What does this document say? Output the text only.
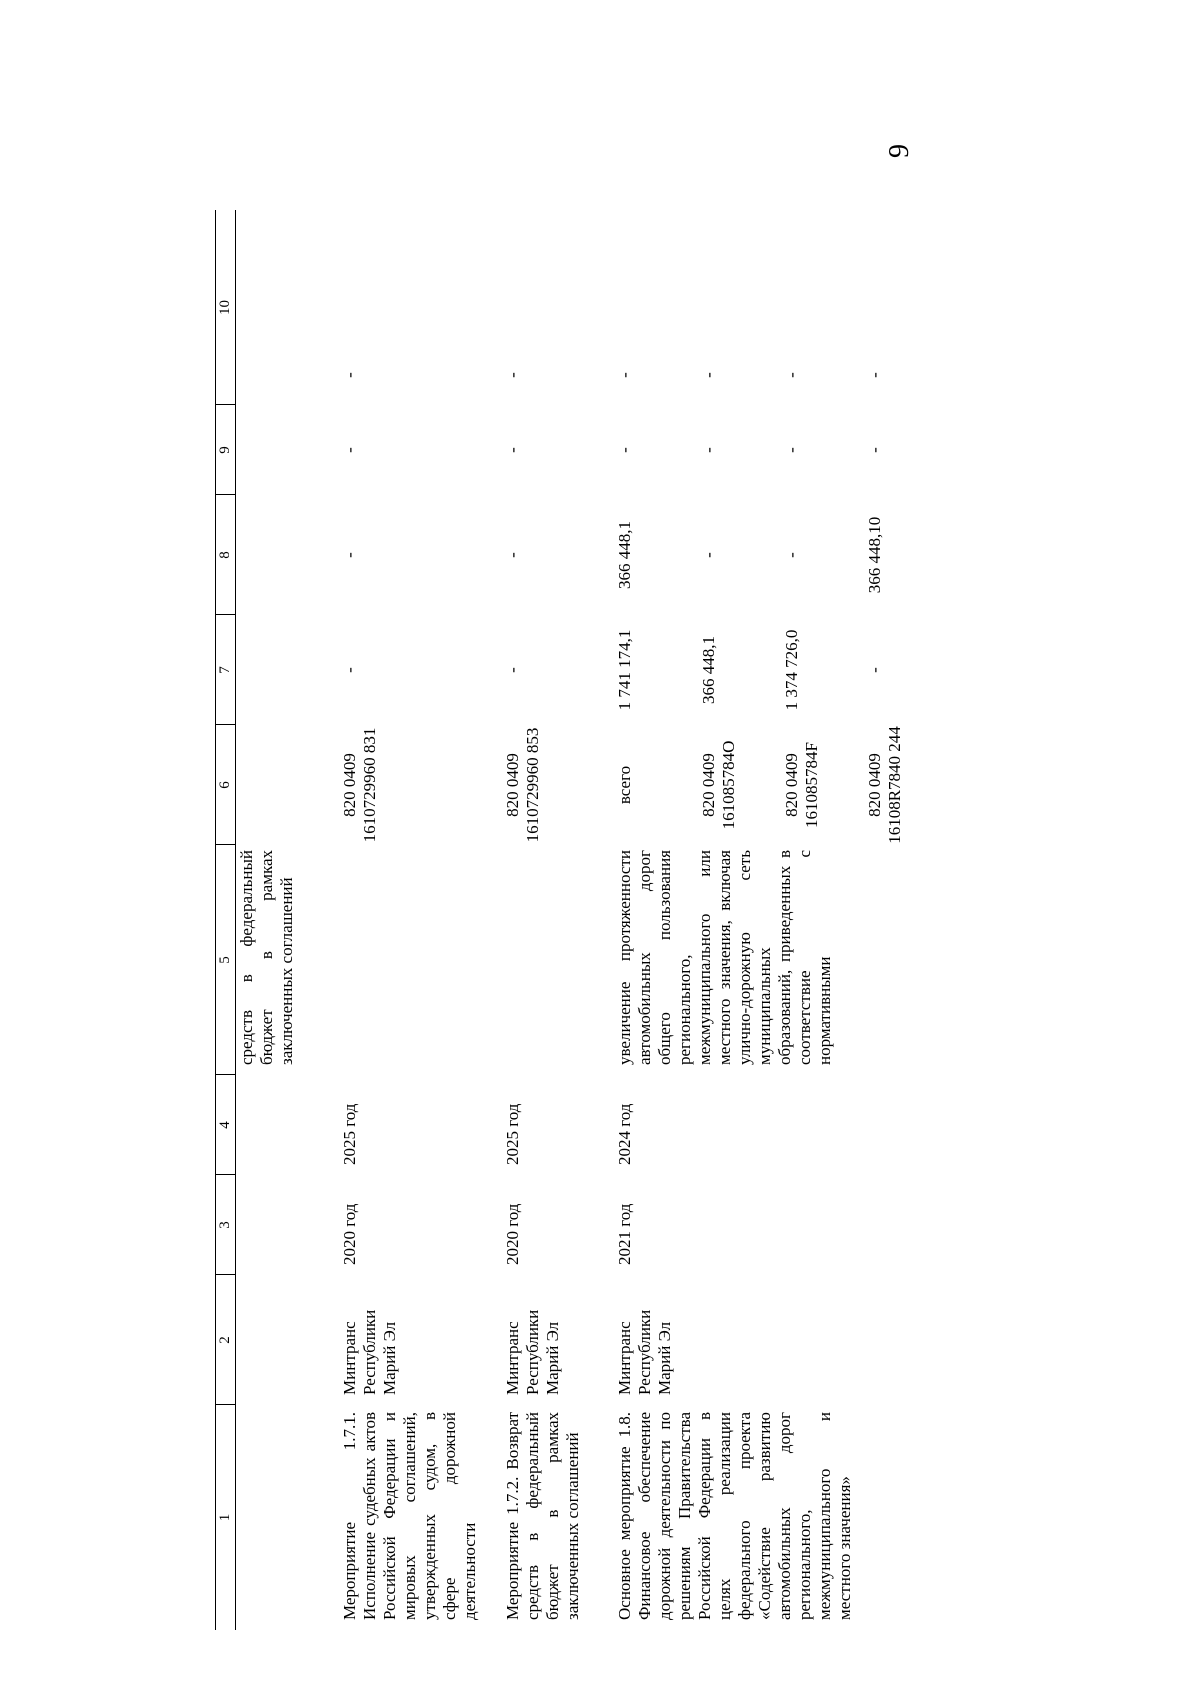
9
1
2
3
4
5
6
7
8
9
10
средств в федеральный бюджет в рамках заключенных соглашений
Мероприятие 1.7.1. Исполнение судебных актов Российской Федерации и мировых соглашений, утвержденных судом, в сфере дорожной деятельности
Минтранс Республики Марий Эл
2020 год
2025 год
820 0409 1610729960 831
-
-
-
-
Мероприятие 1.7.2. Возврат средств в федеральный бюджет в рамках заключенных соглашений
Минтранс Республики Марий Эл
2020 год
2025 год
820 0409 1610729960 853
-
-
-
-
Основное мероприятие 1.8. Финансовое обеспечение дорожной деятельности по решениям Правительства Российской Федерации в целях реализации федерального проекта «Содействие развитию автомобильных дорог регионального, межмуниципального и местного значения»
Минтранс Республики Марий Эл
2021 год
2024 год
увеличение протяженности автомобильных дорог общего пользования регионального, межмуниципального или местного значения, включая улично-дорожную сеть муниципальных образований, приведенных в соответствие с нормативными
всего
1 741 174,1
366 448,1
-
-
820 0409 161085784О
366 448,1
-
-
-
820 0409 161085784F
1 374 726,0
-
-
-
820 0409 16108R7840 244
-
366 448,10
-
-
